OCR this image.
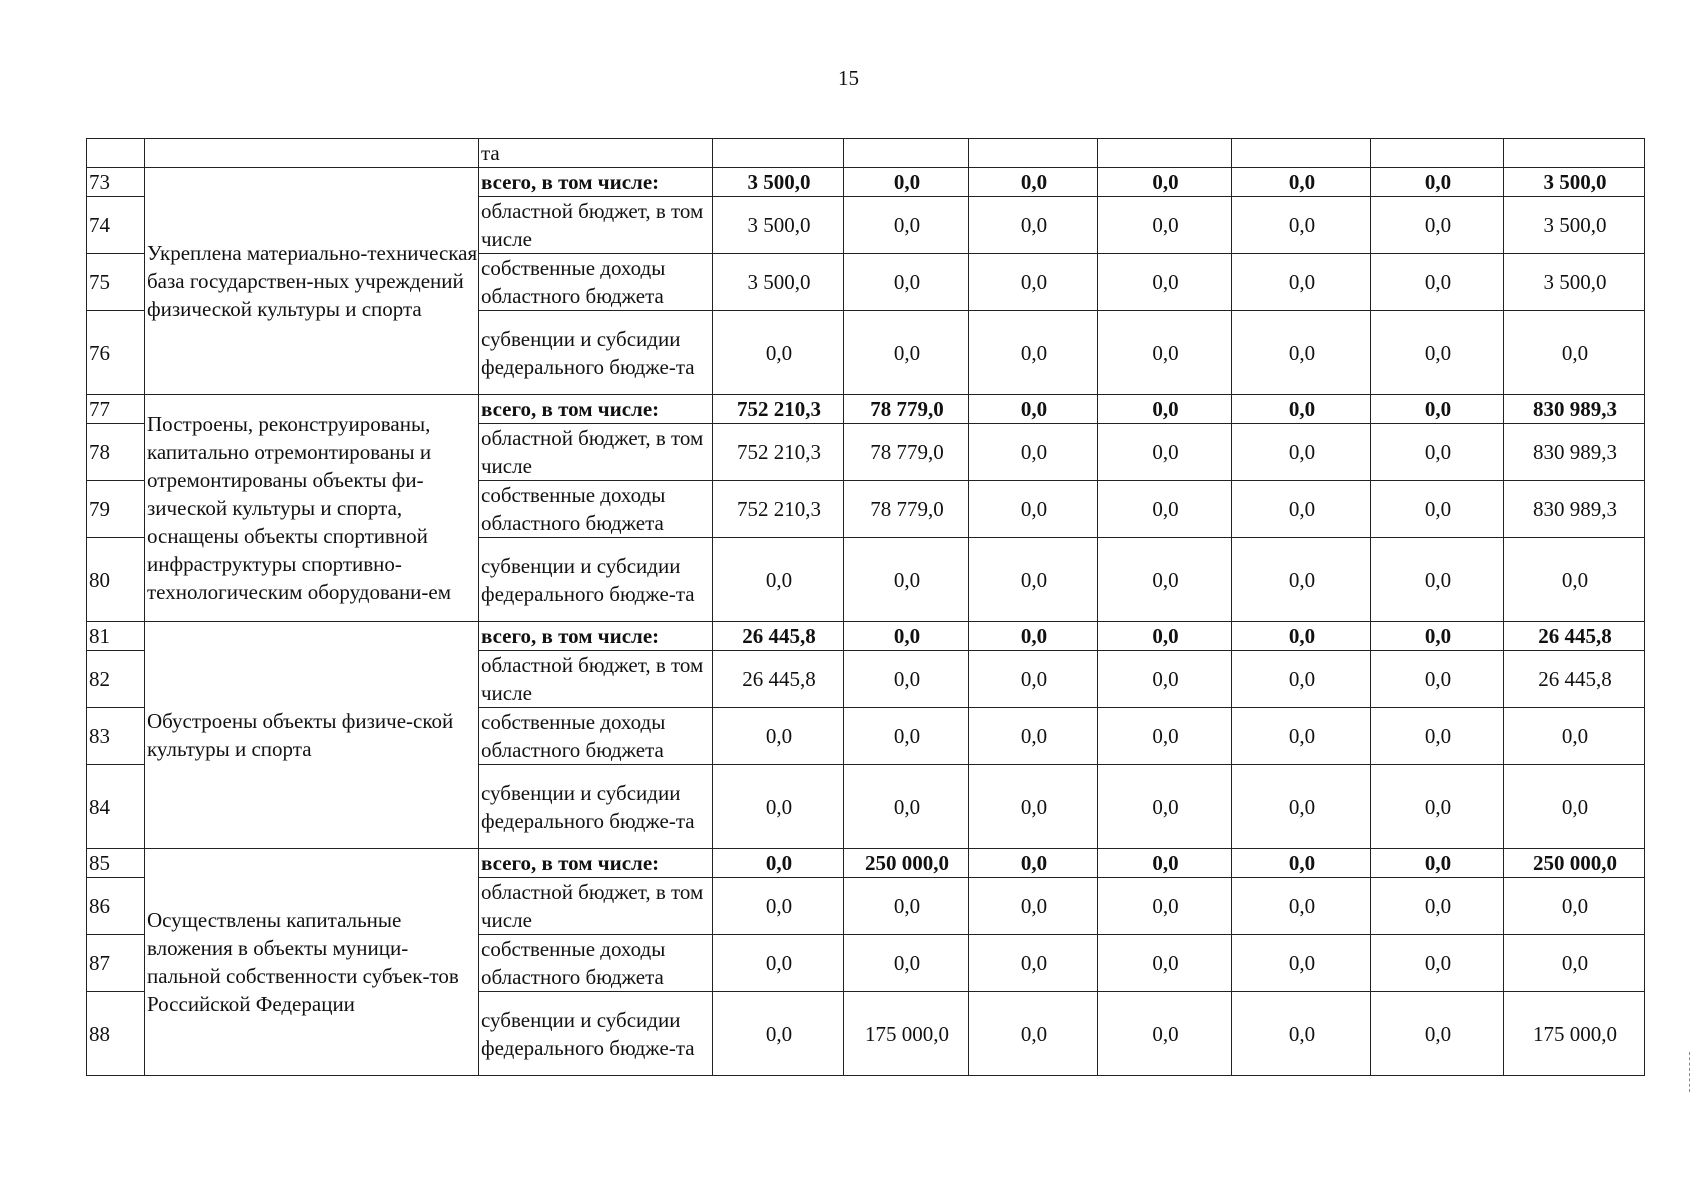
15
		та							
73	Укреплена материально-техническая база государствен-ных учреждений физической культуры и спорта	всего, в том числе:	3 500,0	0,0	0,0	0,0	0,0	0,0	3 500,0
74		областной бюджет, в том числе	3 500,0	0,0	0,0	0,0	0,0	0,0	3 500,0
75		собственные доходы областного бюджета	3 500,0	0,0	0,0	0,0	0,0	0,0	3 500,0
76		субвенции и субсидии федерального бюдже-та	0,0	0,0	0,0	0,0	0,0	0,0	0,0
77	Построены, реконструированы, капитально отремонтированы и отремонтированы объекты фи-зической культуры и спорта, оснащены объекты спортивной инфраструктуры спортивно-технологическим оборудовани-ем	всего, в том числе:	752 210,3	78 779,0	0,0	0,0	0,0	0,0	830 989,3
78		областной бюджет, в том числе	752 210,3	78 779,0	0,0	0,0	0,0	0,0	830 989,3
79		собственные доходы областного бюджета	752 210,3	78 779,0	0,0	0,0	0,0	0,0	830 989,3
80		субвенции и субсидии федерального бюдже-та	0,0	0,0	0,0	0,0	0,0	0,0	0,0
81	Обустроены объекты физиче-ской культуры и спорта	всего, в том числе:	26 445,8	0,0	0,0	0,0	0,0	0,0	26 445,8
82		областной бюджет, в том числе	26 445,8	0,0	0,0	0,0	0,0	0,0	26 445,8
83		собственные доходы областного бюджета	0,0	0,0	0,0	0,0	0,0	0,0	0,0
84		субвенции и субсидии федерального бюдже-та	0,0	0,0	0,0	0,0	0,0	0,0	0,0
85	Осуществлены капитальные вложения в объекты муници-пальной собственности субъек-тов Российской Федерации	всего, в том числе:	0,0	250 000,0	0,0	0,0	0,0	0,0	250 000,0
86		областной бюджет, в том числе	0,0	0,0	0,0	0,0	0,0	0,0	0,0
87		собственные доходы областного бюджета	0,0	0,0	0,0	0,0	0,0	0,0	0,0
88		субвенции и субсидии федерального бюдже-та	0,0	175 000,0	0,0	0,0	0,0	0,0	175 000,0
